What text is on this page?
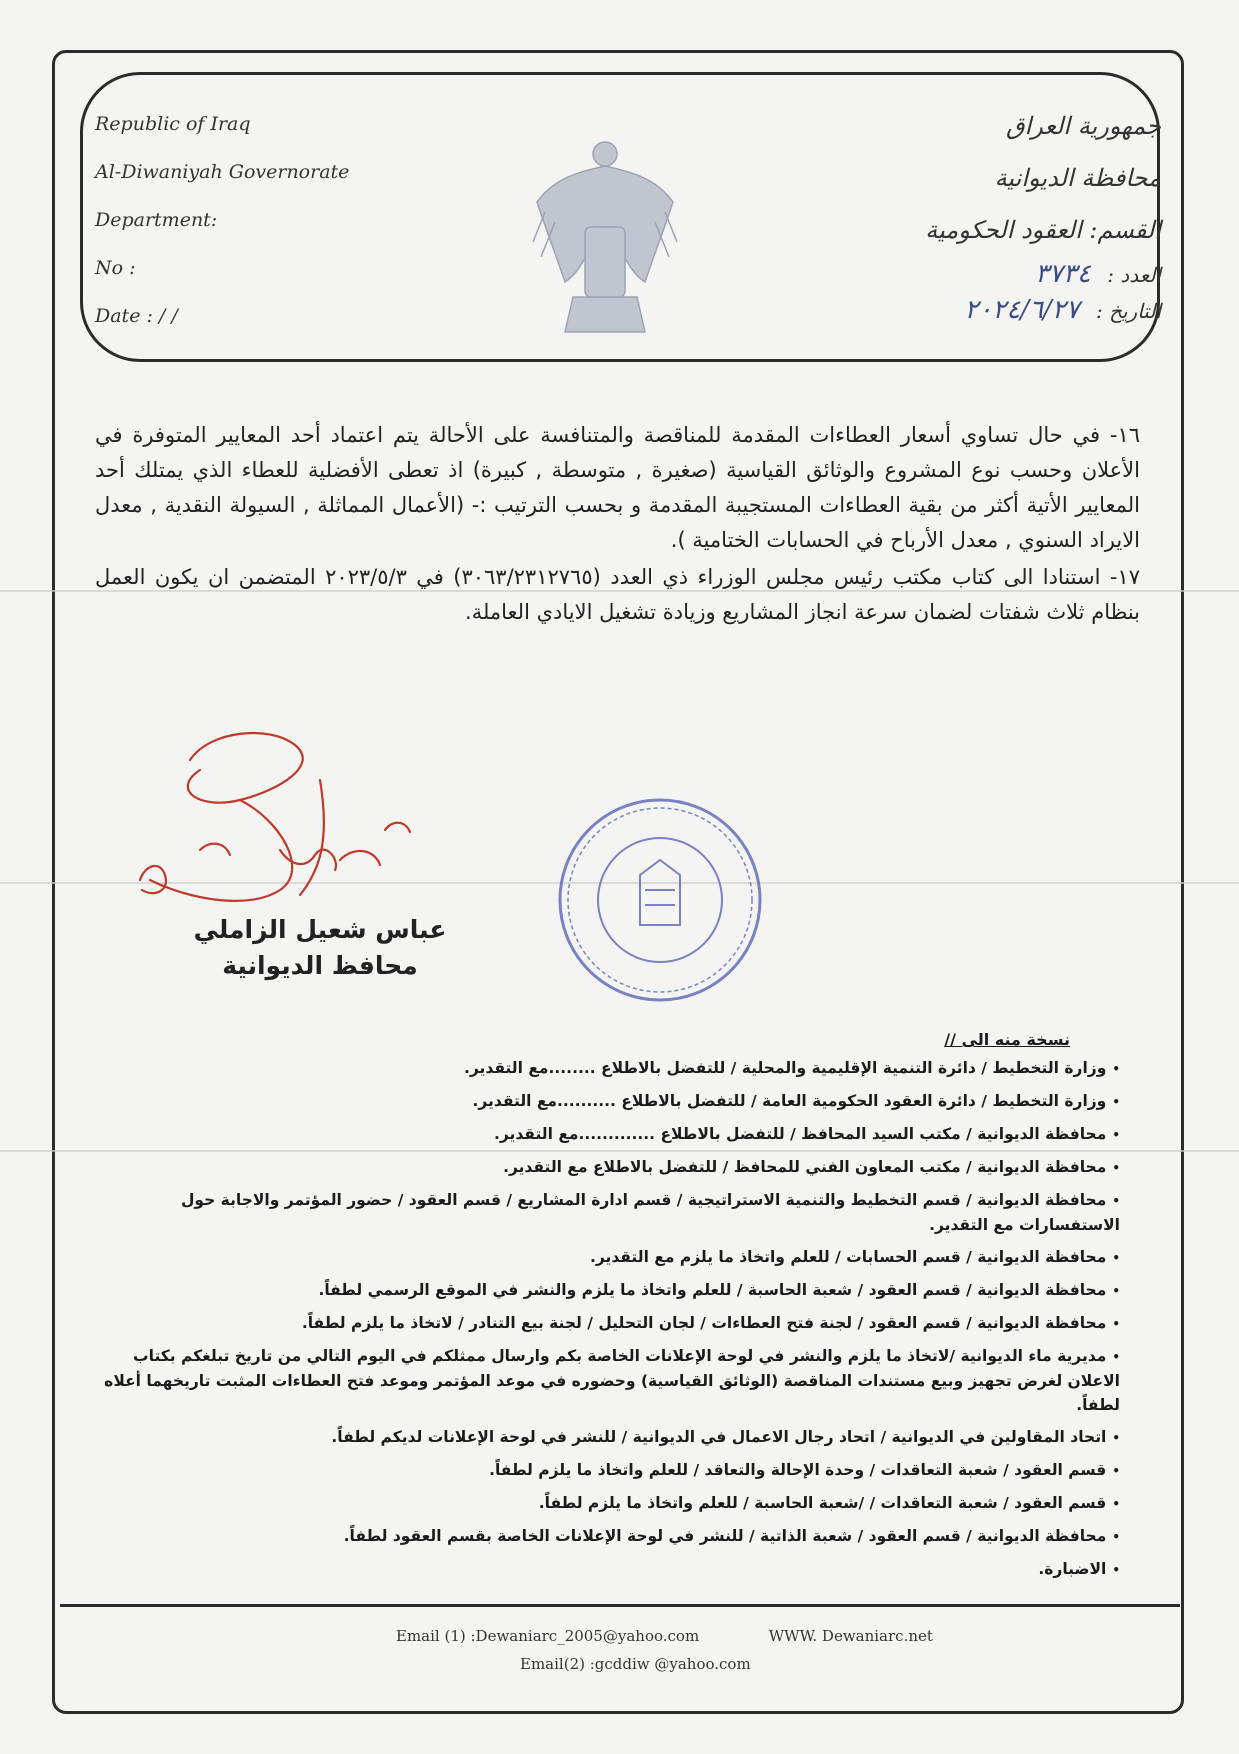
Republic of Iraq
Al-Diwaniyah Governorate
Department:
No :
Date : / /
جمهورية العراق
محافظة الديوانية
القسم: العقود الحكومية
العدد : ٣٧٣٤
التاريخ : ٢٠٢٤/٦/٢٧

١٦- في حال تساوي أسعار العطاءات المقدمة للمناقصة والمتنافسة على الأحالة يتم اعتماد أحد المعايير المتوفرة في الأعلان وحسب نوع المشروع والوثائق القياسية (صغيرة , متوسطة , كبيرة) اذ تعطى الأفضلية للعطاء الذي يمتلك أحد المعايير الأتية أكثر من بقية العطاءات المستجيبة المقدمة و بحسب الترتيب :- (الأعمال المماثلة , السيولة النقدية , معدل الايراد السنوي , معدل الأرباح في الحسابات الختامية ).

١٧- استنادا الى كتاب مكتب رئيس مجلس الوزراء ذي العدد (٣٠٦٣/٢٣١٢٧٦٥) في ٢٠٢٣/٥/٣ المتضمن ان يكون العمل بنظام ثلاث شفتات لضمان سرعة انجاز المشاريع وزيادة تشغيل الايادي العاملة.

عباس شعيل الزاملي
محافظ الديوانية
نسخة منه الى //
•وزارة التخطيط / دائرة التنمية الإقليمية والمحلية / للتفضل بالاطلاع ........مع التقدير.
•وزارة التخطيط / دائرة العقود الحكومية العامة / للتفضل بالاطلاع ..........مع التقدير.
•محافظة الديوانية / مكتب السيد المحافظ / للتفضل بالاطلاع .............مع التقدير.
•محافظة الديوانية / مكتب المعاون الفني للمحافظ / للتفضل بالاطلاع مع التقدير.
•محافظة الديوانية / قسم التخطيط والتنمية الاستراتيجية / قسم ادارة المشاريع / قسم العقود / حضور المؤتمر والاجابة حول الاستفسارات مع التقدير.
•محافظة الديوانية / قسم الحسابات / للعلم واتخاذ ما يلزم مع التقدير.
•محافظة الديوانية / قسم العقود / شعبة الحاسبة / للعلم واتخاذ ما يلزم والنشر في الموقع الرسمي لطفاً.
•محافظة الديوانية / قسم العقود / لجنة فتح العطاءات / لجان التحليل / لجنة بيع التنادر / لاتخاذ ما يلزم لطفاً.
•مديرية ماء الديوانية /لاتخاذ ما يلزم والنشر في لوحة الإعلانات الخاصة بكم وارسال ممثلكم في اليوم التالي من تاريخ تبلغكم بكتاب الاعلان لغرض تجهيز وبيع مستندات المناقصة (الوثائق القياسية) وحضوره في موعد المؤتمر وموعد فتح العطاءات المثبت تاريخهما أعلاه لطفاً.
•اتحاد المقاولين في الديوانية / اتحاد رجال الاعمال في الديوانية / للنشر في لوحة الإعلانات لديكم لطفاً.
•قسم العقود / شعبة التعاقدات / وحدة الإحالة والتعاقد / للعلم واتخاذ ما يلزم لطفاً.
•قسم العقود / شعبة التعاقدات / /شعبة الحاسبة / للعلم واتخاذ ما يلزم لطفاً.
•محافظة الديوانية / قسم العقود / شعبة الذاتية / للنشر في لوحة الإعلانات الخاصة بقسم العقود لطفاً.
•الاضبارة.
Email (1) :Dewaniarc_2005@yahoo.com	WWW. Dewaniarc.net
Email(2) :gcddiw @yahoo.com
